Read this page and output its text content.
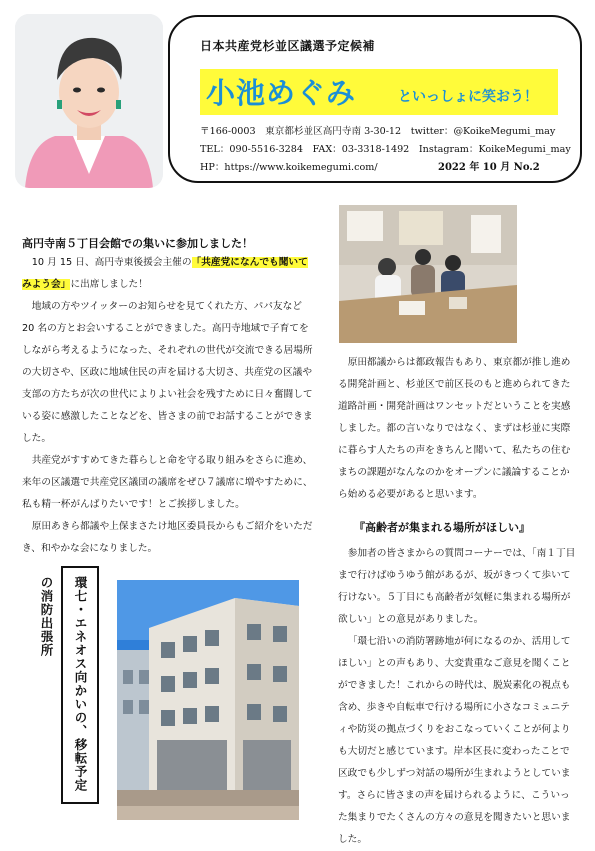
日本共産党杉並区議選予定候補
小池めぐみ	といっしょに笑おう！
〒166-0003　東京都杉並区高円寺南 3-30-12　twitter：@KoikeMegumi_may
TEL：090-5516-3284　FAX：03-3318-1492　Instagram：KoikeMegumi_may
HP：https://www.koikemegumi.com/	2022 年 10 月 No.2
高円寺南５丁目会館での集いに参加しました！

10 月 15 日、高円寺東後援会主催の「共産党になんでも聞いてみよう会」に出席しました！

地域の方やツイッターのお知らせを見てくれた方、パパ友など 20 名の方とお会いすることができました。高円寺地域で子育てをしながら考えるようになった、それぞれの世代が交流できる居場所の大切さや、区政に地域住民の声を届ける大切さ、共産党の区議や支部の方たちが次の世代によりよい社会を残すために日々奮闘している姿に感激したことなどを、皆さまの前でお話することができました。

共産党がすすめてきた暮らしと命を守る取り組みをさらに進め、来年の区議選で共産党区議団の議席をぜひ７議席に増やすために、私も精一杯がんばりたいです！とご挨拶しました。

原田あきら都議や上保まさたけ地区委員長からもご紹介をいただき、和やかな会になりました。

環七・エネオス向かいの、移転予定の消防出張所

原田都議からは都政報告もあり、東京都が推し進める開発計画と、杉並区で前区長のもと進められてきた道路計画・開発計画はワンセットだということを実感しました。都の言いなりではなく、まずは杉並に実際に暮らす人たちの声をきちんと聞いて、私たちの住むまちの課題がなんなのかをオープンに議論することから始める必要があると思います。

『高齢者が集まれる場所がほしい』

参加者の皆さまからの質問コーナーでは、「南１丁目まで行けばゆうゆう館があるが、坂がきつくて歩いて行けない。５丁目にも高齢者が気軽に集まれる場所が欲しい」との意見がありました。

「環七沿いの消防署跡地が何になるのか、活用してほしい」との声もあり、大変貴重なご意見を聞くことができました！これからの時代は、脱炭素化の視点も含め、歩きや自転車で行ける場所に小さなコミュニティや防災の拠点づくりをおこなっていくことが何よりも大切だと感じています。岸本区長に変わったことで区政でも少しずつ対話の場所が生まれようとしています。さらに皆さまの声を届けられるように、こういった集まりでたくさんの方々の意見を聞きたいと思いました。
